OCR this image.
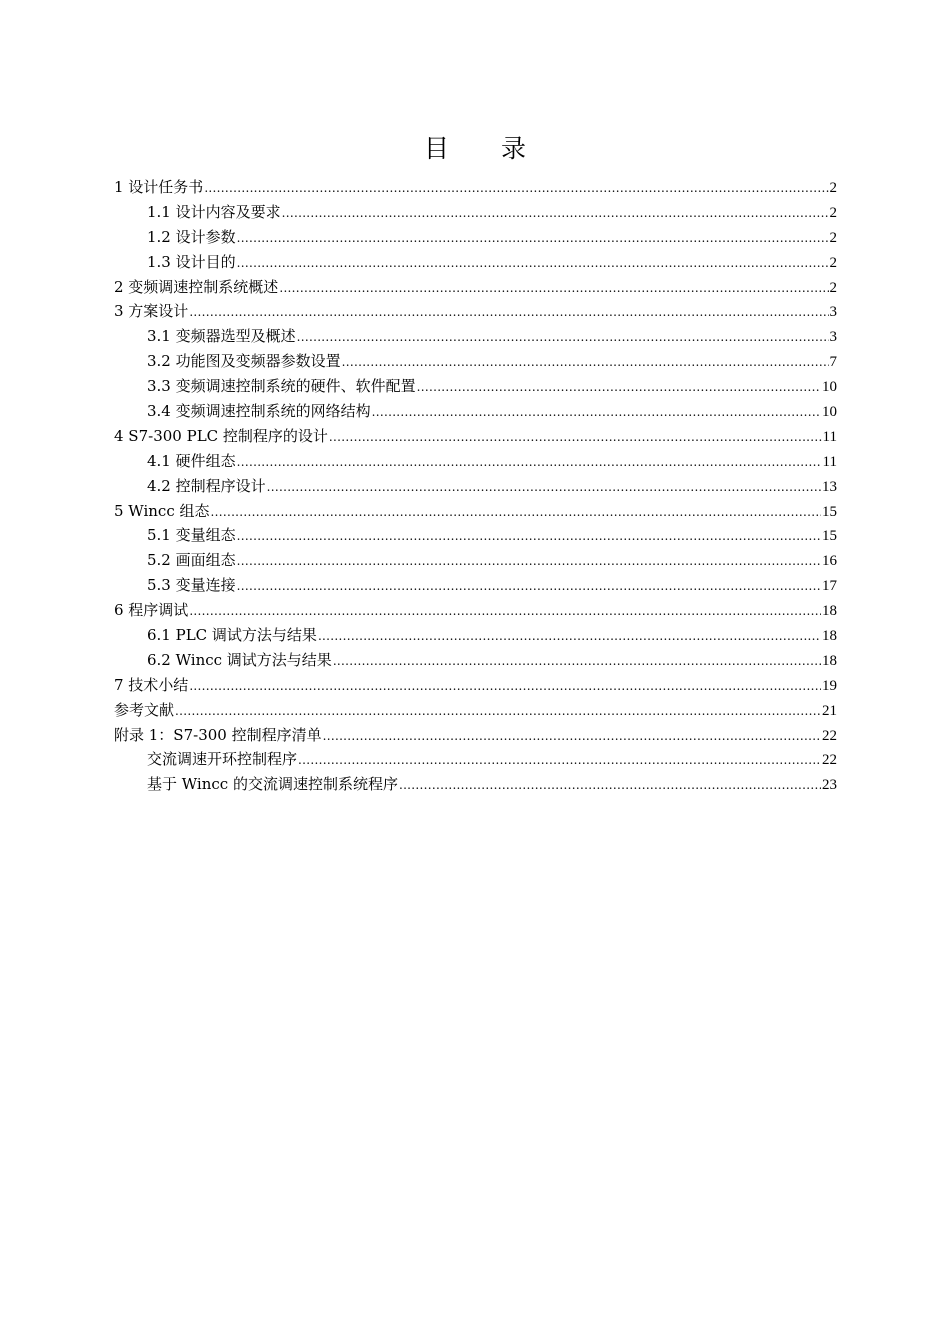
目 录
1 设计任务书 .....	2
1.1 设计内容及要求 .....	2
1.2 设计参数 .....	2
1.3 设计目的 .....	2
2 变频调速控制系统概述 .....	2
3 方案设计 .....	3
3.1 变频器选型及概述 .....	3
3.2 功能图及变频器参数设置 .....	7
3.3 变频调速控制系统的硬件、软件配置 .....	10
3.4 变频调速控制系统的网络结构 .....	10
4 S7-300 PLC 控制程序的设计 .....	11
4.1 硬件组态 .....	11
4.2 控制程序设计 .....	13
5 Wincc 组态 .....	15
5.1 变量组态 .....	15
5.2 画面组态 .....	16
5.3 变量连接 .....	17
6 程序调试 .....	18
6.1 PLC 调试方法与结果 .....	18
6.2 Wincc 调试方法与结果 .....	18
7 技术小结 .....	19
参考文献 .....	21
附录 1：S7-300 控制程序清单 .....	22
交流调速开环控制程序 .....	22
基于 Wincc 的交流调速控制系统程序 .....	23
